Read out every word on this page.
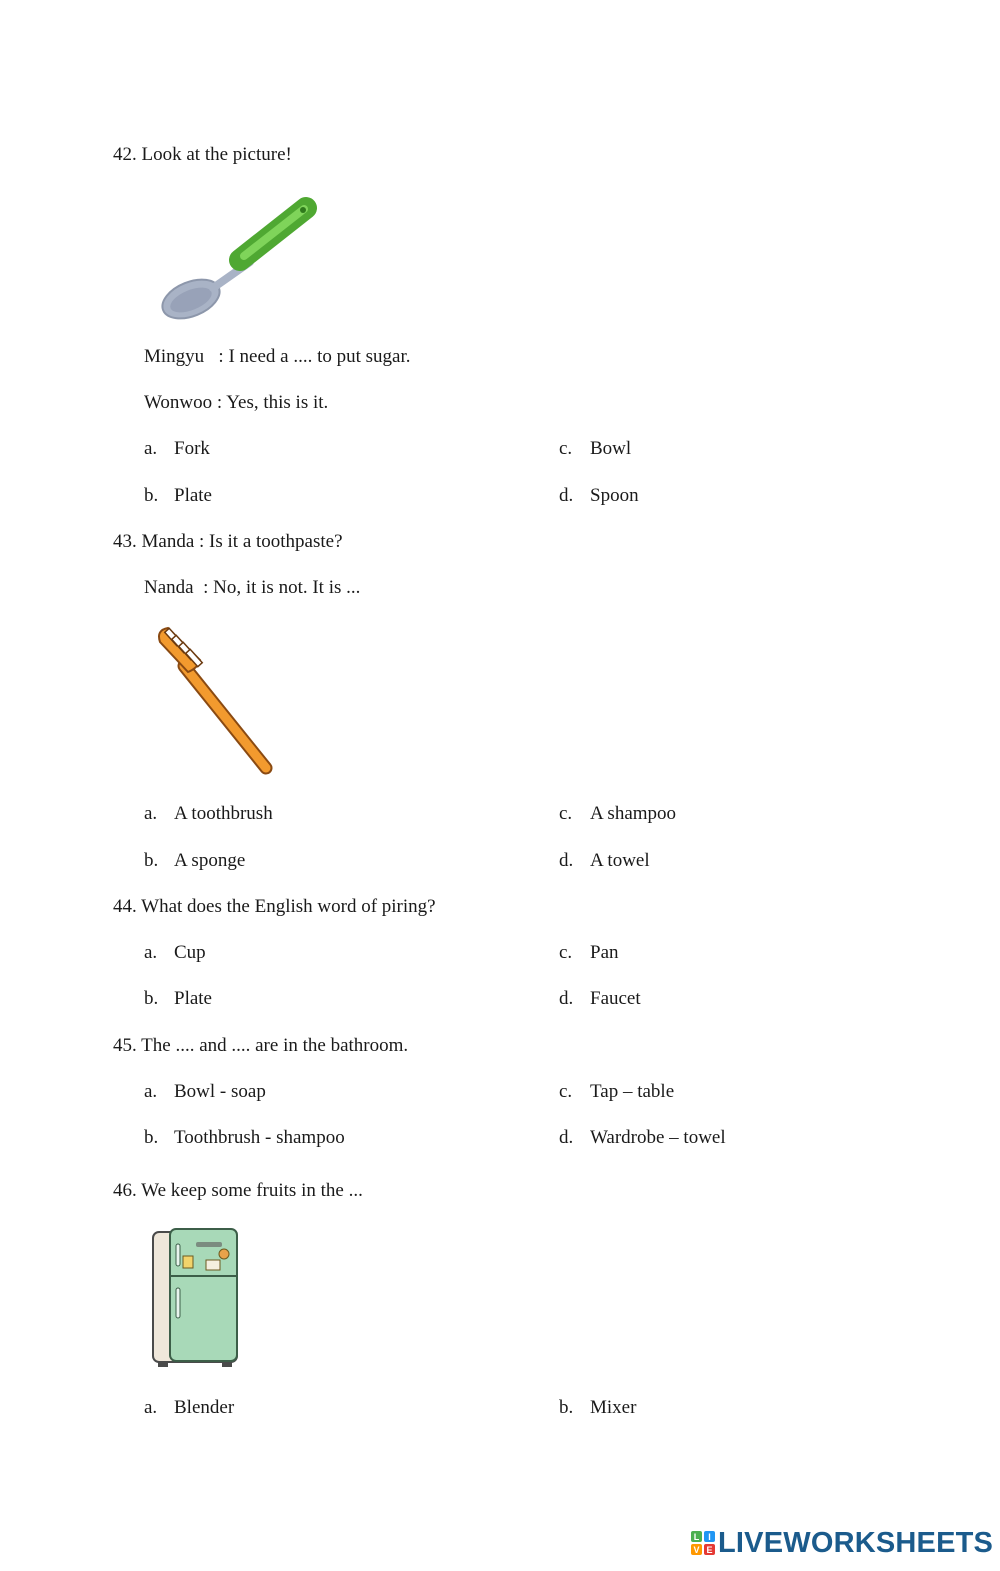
42. Look at the picture!
Mingyu   : I need a .... to put sugar.
Wonwoo : Yes, this is it.
a. Fork	c. Bowl
b. Plate	d. Spoon
43. Manda : Is it a toothpaste?
Nanda  : No, it is not. It is ...
a. A toothbrush	c. A shampoo
b. A sponge	d. A towel
44. What does the English word of piring?
a. Cup	c. Pan
b. Plate	d. Faucet
45. The .... and .... are in the bathroom.
a. Bowl - soap	c. Tap – table
b. Toothbrush - shampoo	d. Wardrobe – towel
46. We keep some fruits in the ...
a. Blender	b. Mixer
L I
V E LIVEWORKSHEETS
